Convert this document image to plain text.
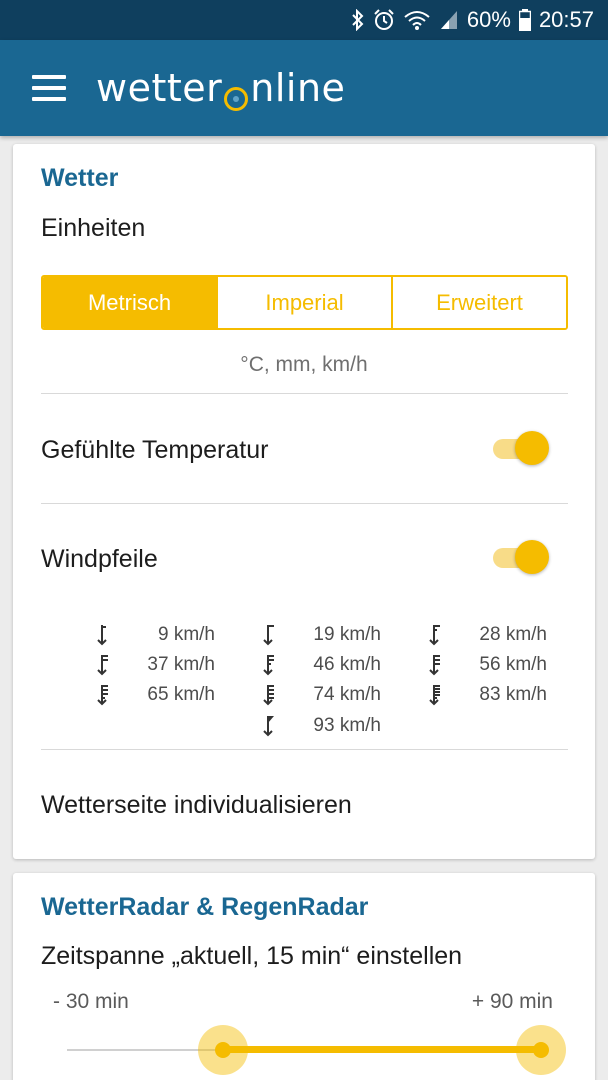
60% 20:57
wetter nline
Wetter
Einheiten
Metrisch	Imperial	Erweitert
°C, mm, km/h
Gefühlte Temperatur
Windpfeile
9 km/h	19 km/h	28 km/h
37 km/h	46 km/h	56 km/h
65 km/h	74 km/h	83 km/h
93 km/h
Wetterseite individualisieren
WetterRadar & RegenRadar
Zeitspanne „aktuell, 15 min“ einstellen
- 30 min	+ 90 min
